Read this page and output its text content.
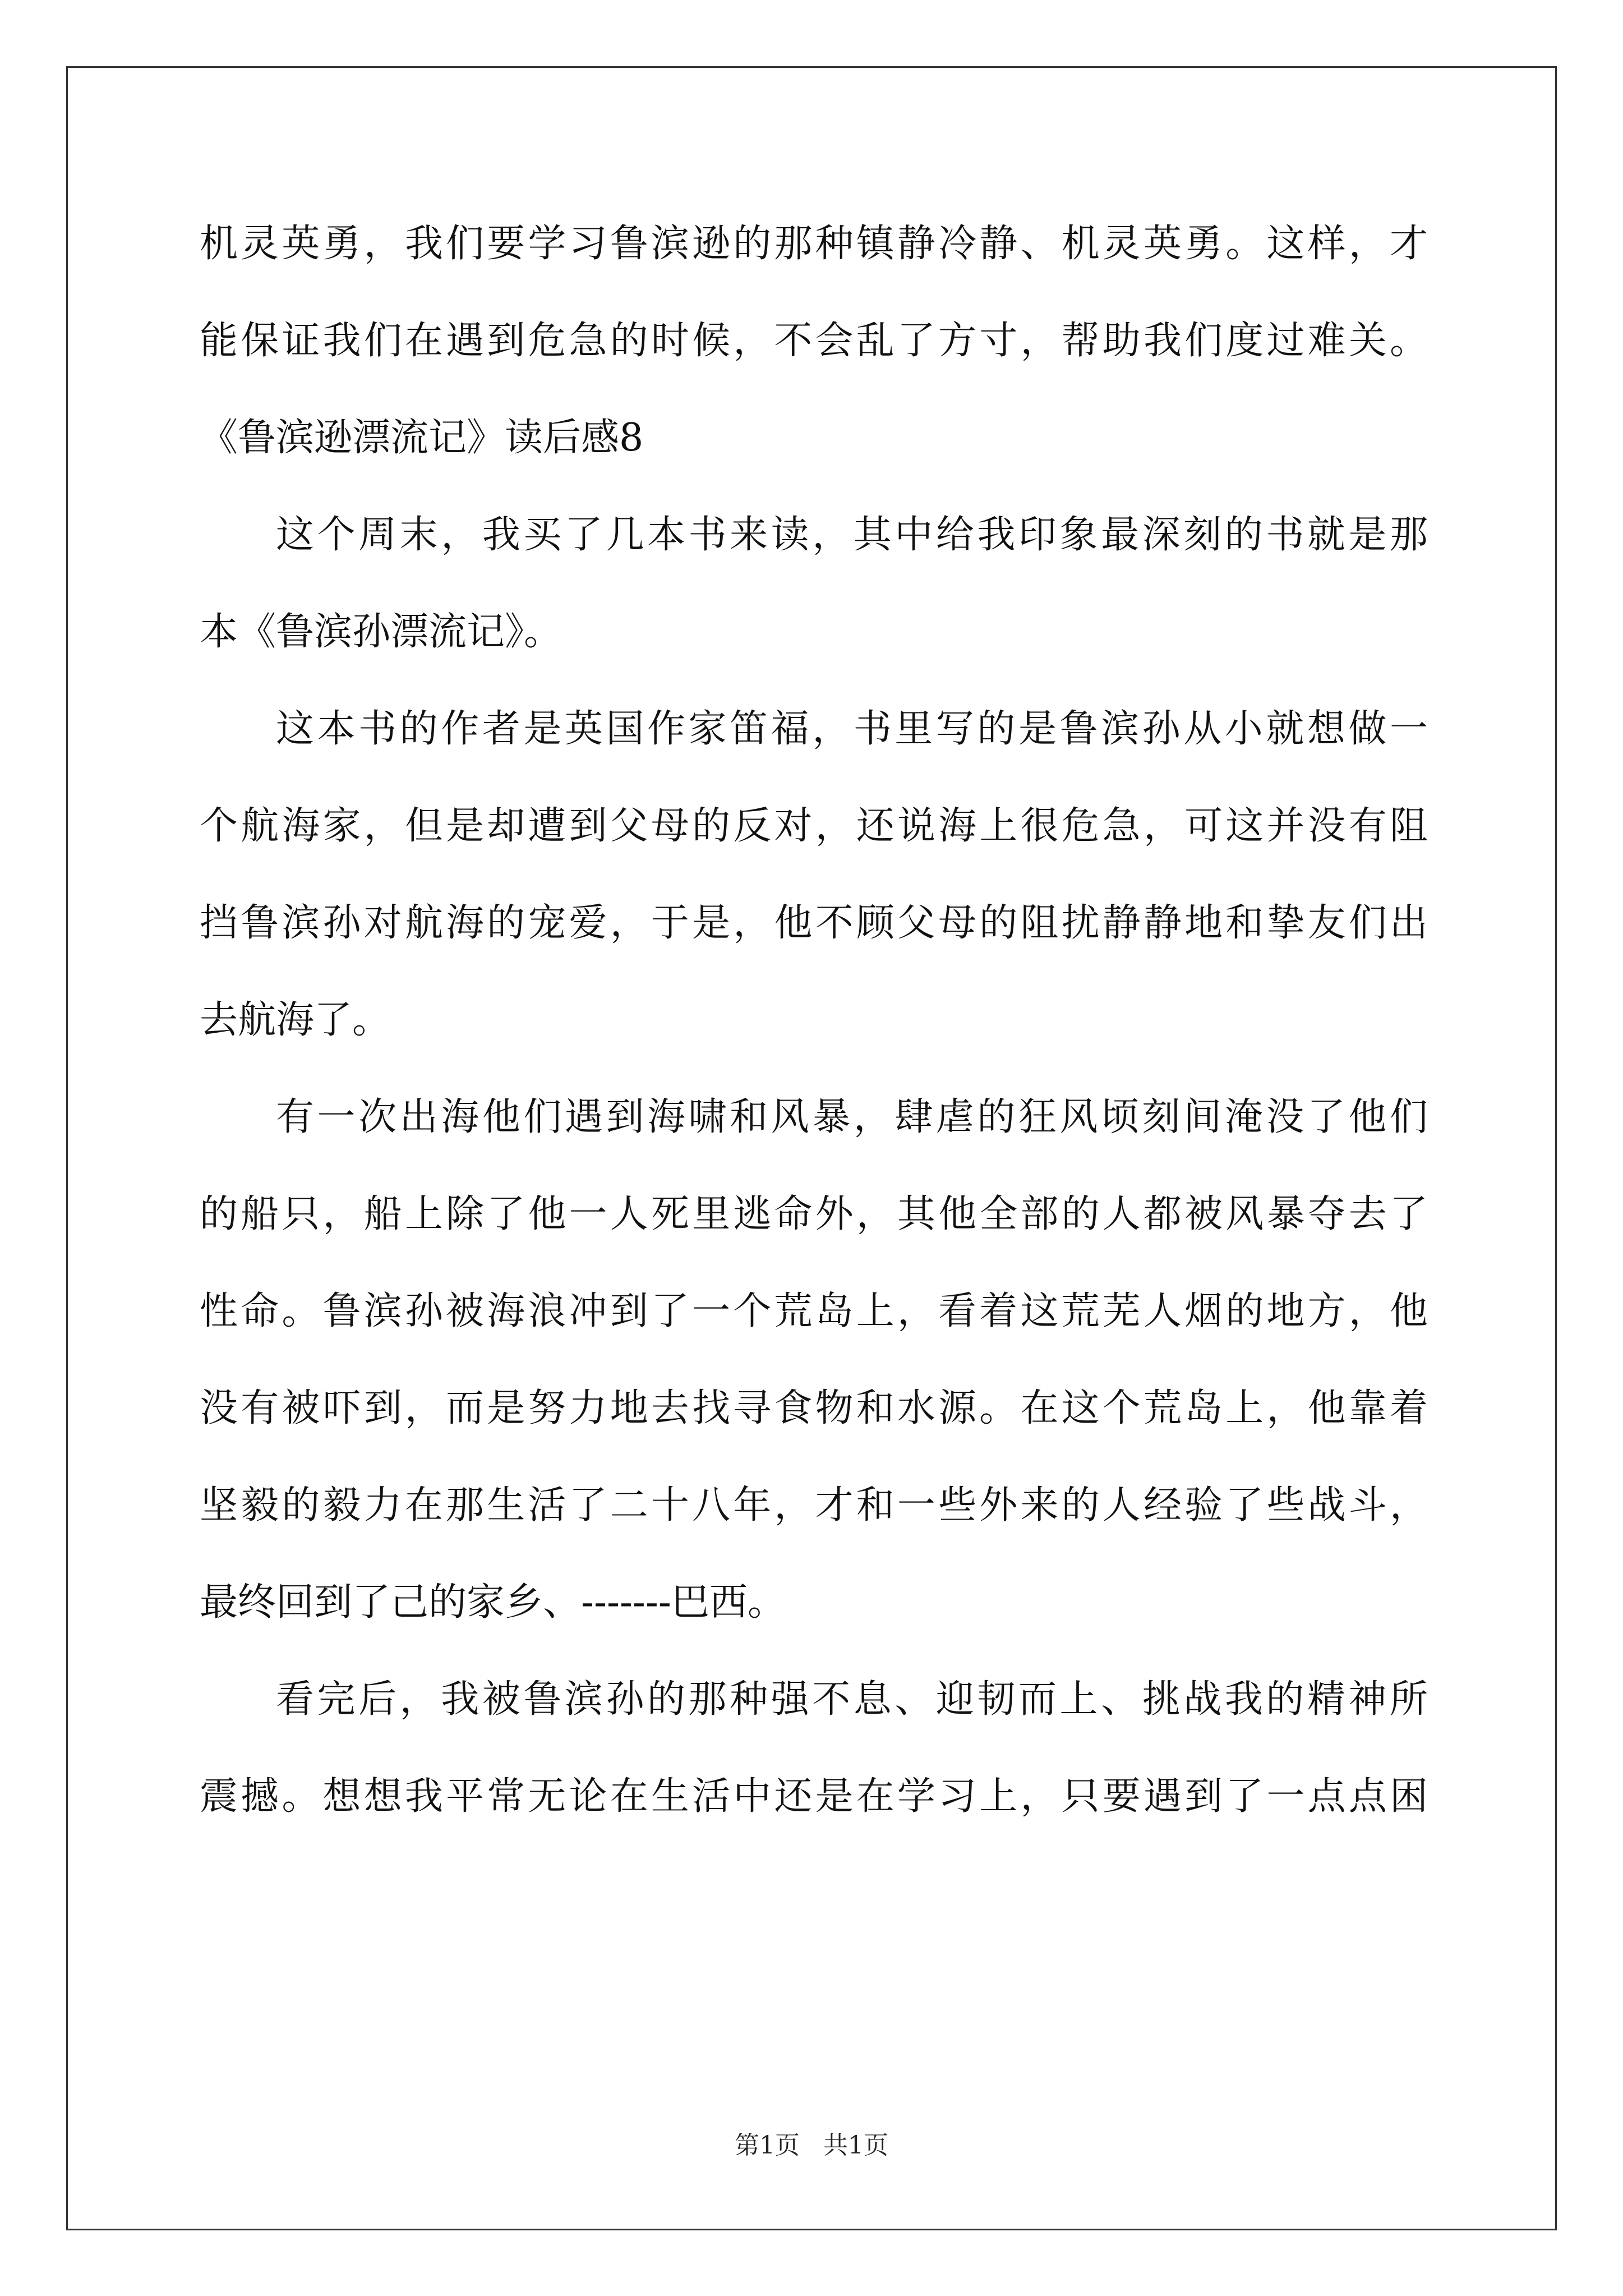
机灵英勇，我们要学习鲁滨逊的那种镇静冷静、机灵英勇。这样，才
能保证我们在遇到危急的时候，不会乱了方寸，帮助我们度过难关。
《鲁滨逊漂流记》读后感8
这个周末，我买了几本书来读，其中给我印象最深刻的书就是那
本《鲁滨孙漂流记》。
这本书的作者是英国作家笛福，书里写的是鲁滨孙从小就想做一
个航海家，但是却遭到父母的反对，还说海上很危急，可这并没有阻
挡鲁滨孙对航海的宠爱，于是，他不顾父母的阻扰静静地和挚友们出
去航海了。
有一次出海他们遇到海啸和风暴，肆虐的狂风顷刻间淹没了他们
的船只，船上除了他一人死里逃命外，其他全部的人都被风暴夺去了
性命。鲁滨孙被海浪冲到了一个荒岛上，看着这荒芜人烟的地方，他
没有被吓到，而是努力地去找寻食物和水源。在这个荒岛上，他靠着
坚毅的毅力在那生活了二十八年，才和一些外来的人经验了些战斗，
最终回到了己的家乡、-------巴西。
看完后，我被鲁滨孙的那种强不息、迎韧而上、挑战我的精神所
震撼。想想我平常无论在生活中还是在学习上，只要遇到了一点点困
第1页   共1页
